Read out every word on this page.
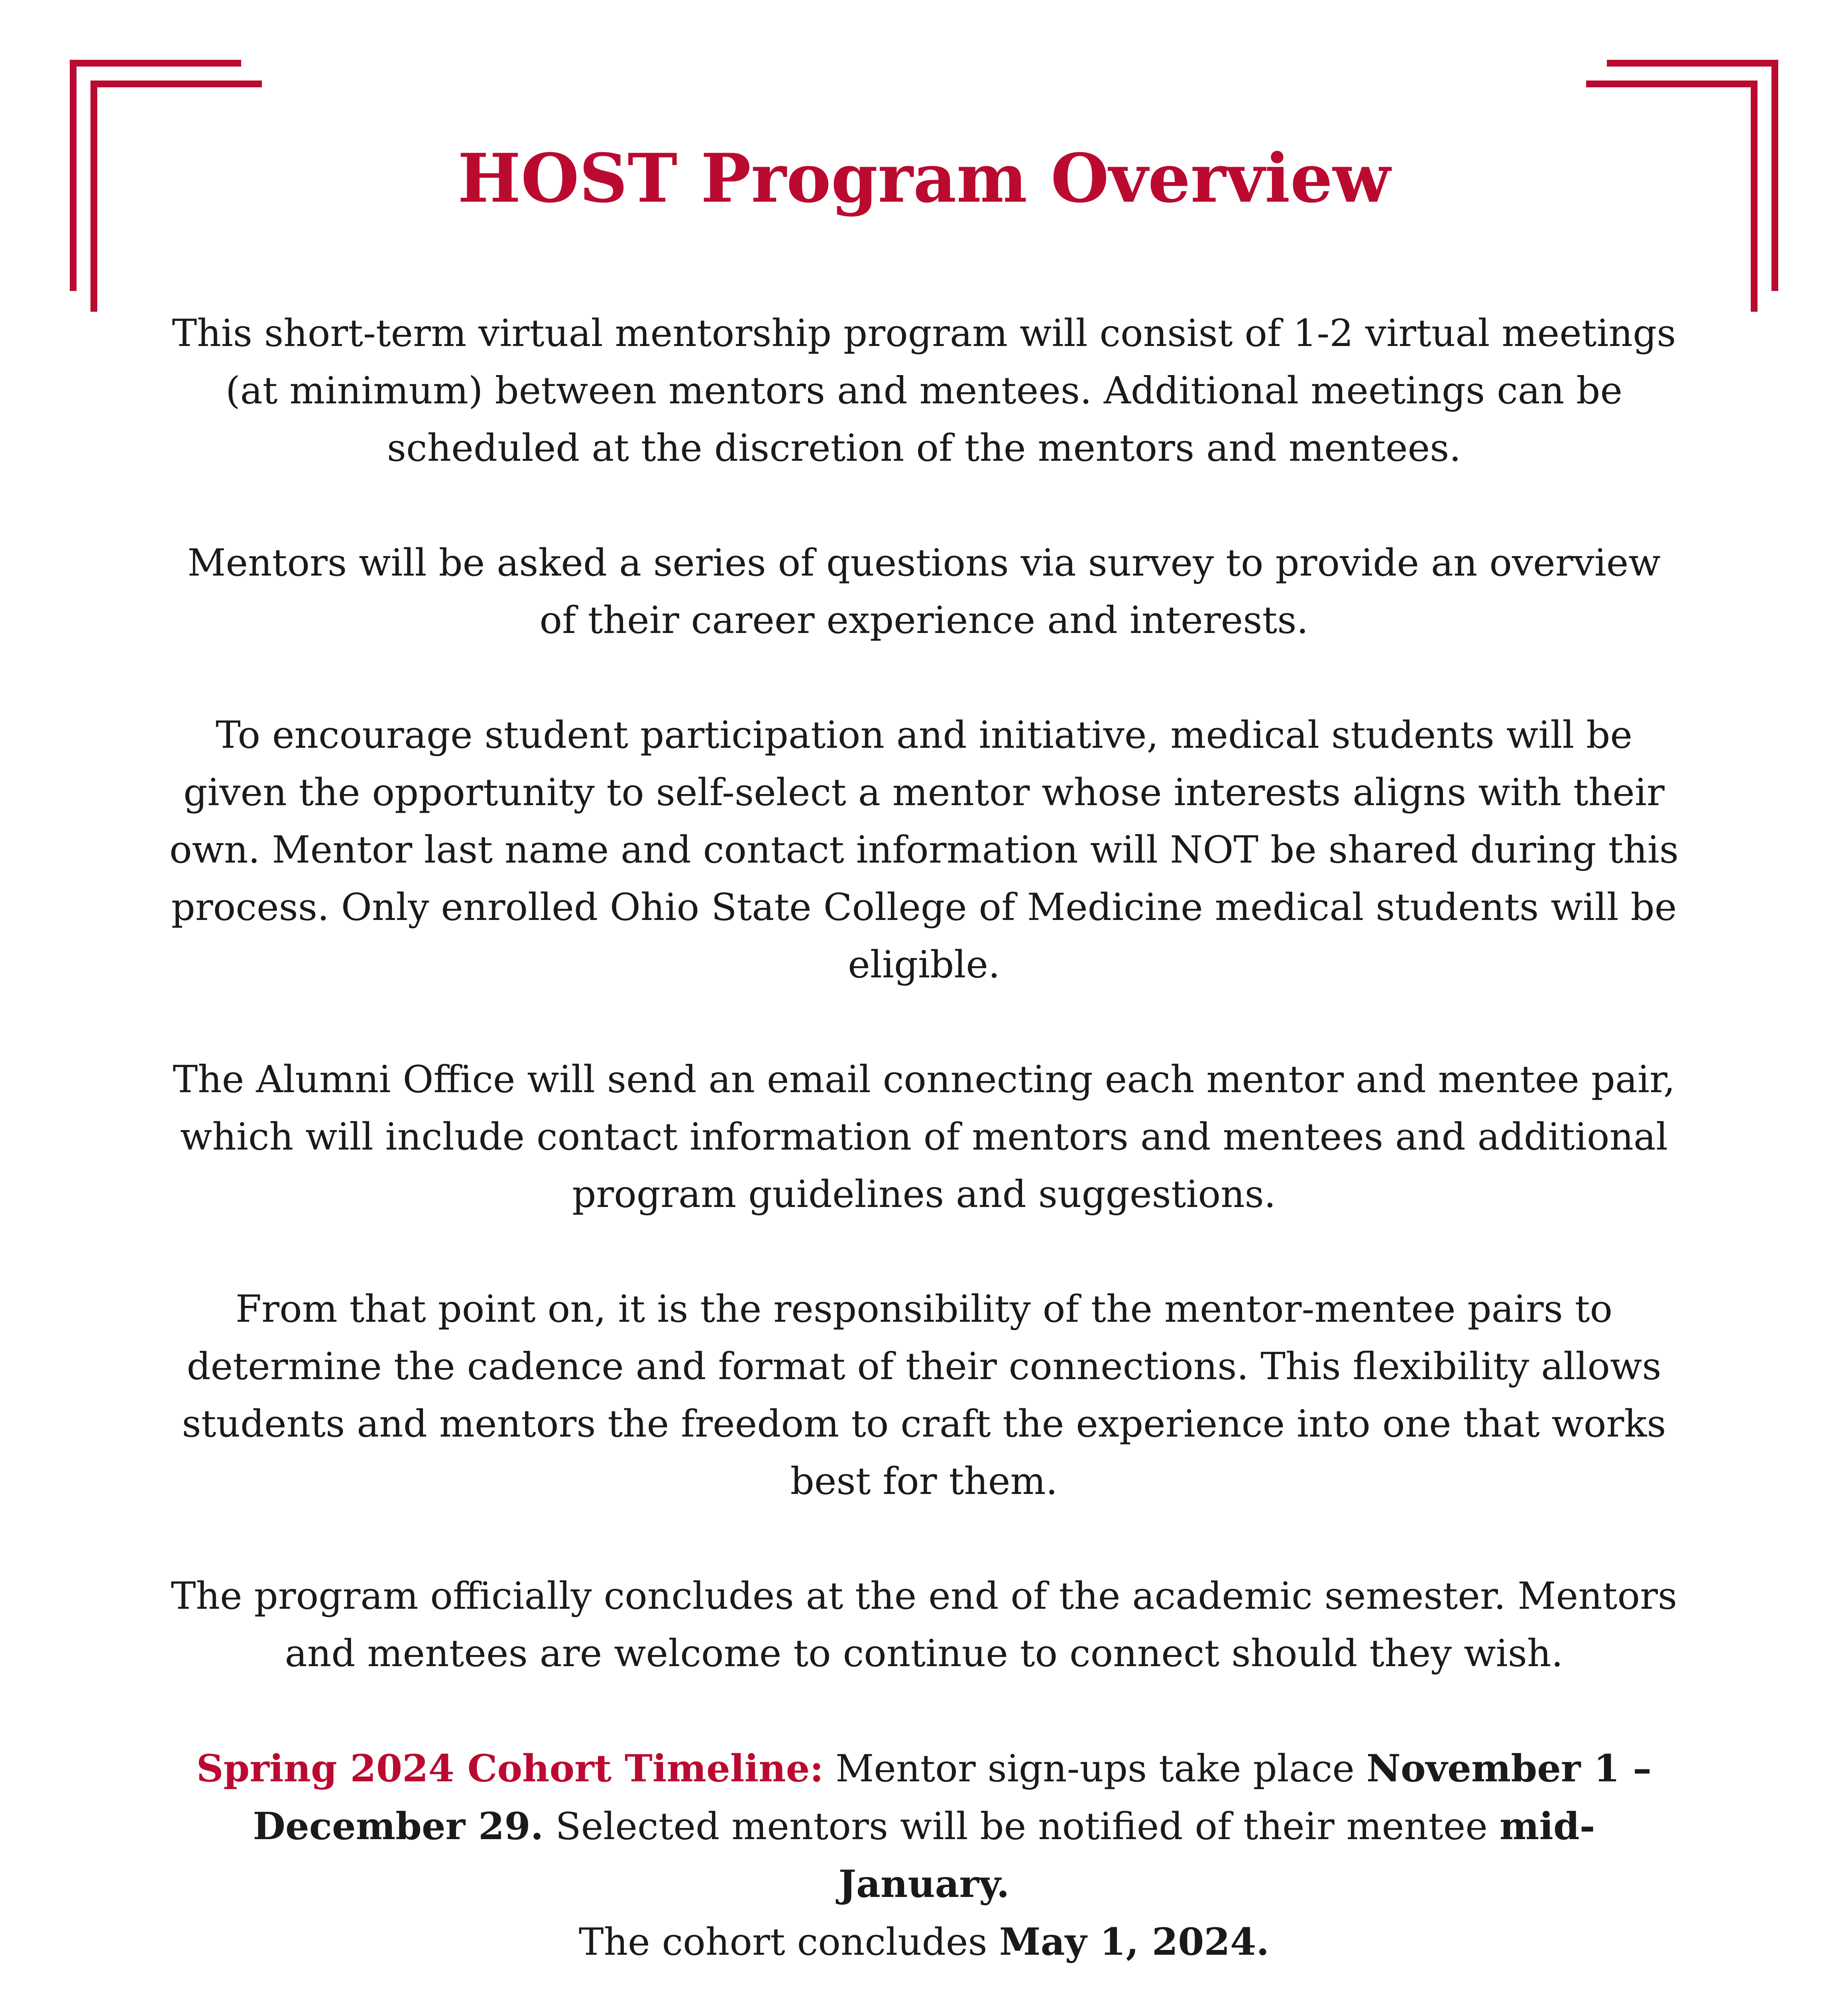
HOST Program Overview

This short-term virtual mentorship program will consist of 1-2 virtual meetings (at minimum) between mentors and mentees. Additional meetings can be scheduled at the discretion of the mentors and mentees.

Mentors will be asked a series of questions via survey to provide an overview of their career experience and interests.

To encourage student participation and initiative, medical students will be given the opportunity to self-select a mentor whose interests aligns with their own. Mentor last name and contact information will NOT be shared during this process. Only enrolled Ohio State College of Medicine medical students will be eligible.

The Alumni Office will send an email connecting each mentor and mentee pair, which will include contact information of mentors and mentees and additional program guidelines and suggestions.

From that point on, it is the responsibility of the mentor-mentee pairs to determine the cadence and format of their connections. This flexibility allows students and mentors the freedom to craft the experience into one that works best for them.

The program officially concludes at the end of the academic semester. Mentors and mentees are welcome to continue to connect should they wish.

Spring 2024 Cohort Timeline: Mentor sign-ups take place November 1 – December 29. Selected mentors will be notified of their mentee mid-January.
The cohort concludes May 1, 2024.
